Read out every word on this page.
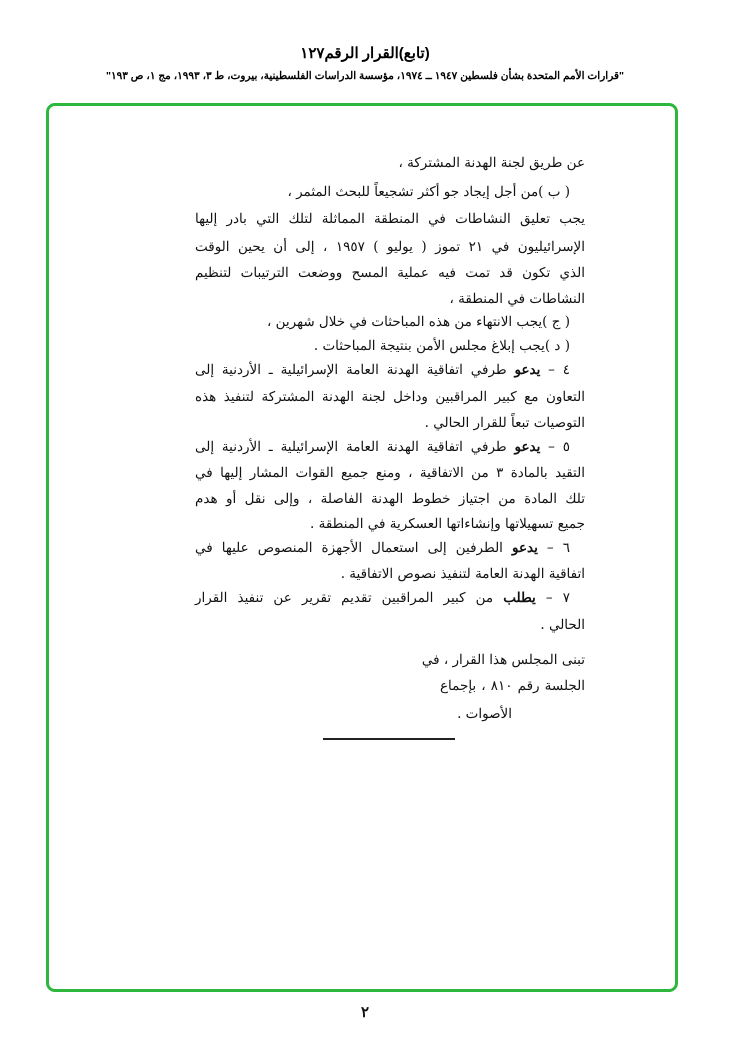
(تابع)القرار الرقم١٢٧
"قرارات الأمم المتحدة بشأن فلسطين ١٩٤٧ ــ ١٩٧٤، مؤسسة الدراسات الفلسطينية، بيروت، ط ٣، ١٩٩٣، مج ١، ص ١٩٣"
عن طريق لجنة الهدنة المشتركة ،
( ب )من أجل إيجاد جو أكثر تشجيعاً للبحث المثمر ،
يجب تعليق النشاطات في المنطقة المماثلة لتلك التي بادر إليها
الإسرائيليون في ٢١ تموز ( يوليو ) ١٩٥٧ ، إلى أن يحين الوقت
الذي تكون قد تمت فيه عملية المسح ووضعت الترتيبات لتنظيم
النشاطات في المنطقة ،
( ج )يجب الانتهاء من هذه المباحثات في خلال شهرين ،
( د )يجب إبلاغ مجلس الأمن بنتيجة المباحثات .
٤ – يدعو طرفي اتفاقية الهدنة العامة الإسرائيلية ـ الأردنية إلى
التعاون مع كبير المراقبين وداخل لجنة الهدنة المشتركة لتنفيذ هذه
التوصيات تبعاً للقرار الحالي .
٥ – يدعو طرفي اتفاقية الهدنة العامة الإسرائيلية ـ الأردنية إلى
التقيد بالمادة ٣ من الاتفاقية ، ومنع جميع القوات المشار إليها في
تلك المادة من اجتياز خطوط الهدنة الفاصلة ، وإلى نقل أو هدم
جميع تسهيلاتها وإنشاءاتها العسكرية في المنطقة .
٦ – يدعو الطرفين إلى استعمال الأجهزة المنصوص عليها في
اتفاقية الهدنة العامة لتنفيذ نصوص الاتفاقية .
٧ – يطلب من كبير المراقبين تقديم تقرير عن تنفيذ القرار
الحالي .
تبنى المجلس هذا القرار ، في
الجلسة رقم ٨١٠ ، بإجماع
الأصوات .
٢
